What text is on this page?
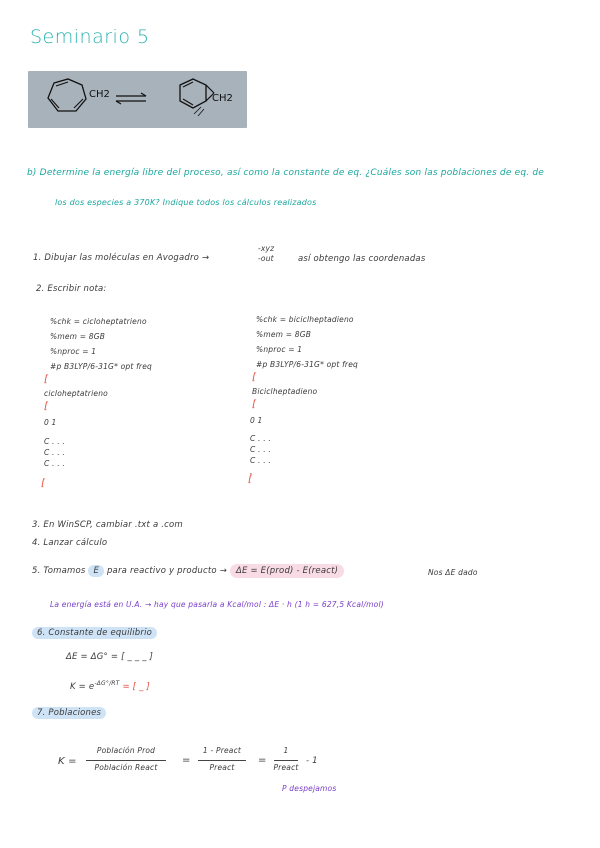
Seminario 5
CH2	CH2
b) Determine la energía libre del proceso, así como la constante de eq. ¿Cuáles son las poblaciones de eq. de
los dos especies a 370K? Indique todos los cálculos realizados
1. Dibujar las moléculas en Avogadro →
-xyz
-out	así obtengo las coordenadas
2. Escribir nota:
%chk = cicloheptatrieno
%mem = 8GB
%nproc = 1
#p B3LYP/6-31G* opt freq
[
cicloheptatrieno
[
0 1
C . . .
C . . .
C . . .
[
%chk = biciclheptadieno
%mem = 8GB
%nproc = 1
#p B3LYP/6-31G* opt freq
[
Biciclheptadieno
[
0 1
C . . .
C . . .
C . . .
.
[
3. En WinSCP, cambiar .txt a .com
4. Lanzar cálculo
5. Tomamos E para reactivo y producto → ΔE = E(prod) - E(react)	Nos ΔE dado
La energía está en U.A. → hay que pasarla a Kcal/mol : ΔE · h (1 h = 627,5 Kcal/mol)
6. Constante de equilibrio
ΔE = ΔG° = [ _ _ _ ]
$K = e^{-\Delta G^\circ/RT}$ = [ _ ]
7. Poblaciones
K =
Población Prod
Población React
=
1 - Preact
Preact
=
1
Preact
- 1
P despejamos
